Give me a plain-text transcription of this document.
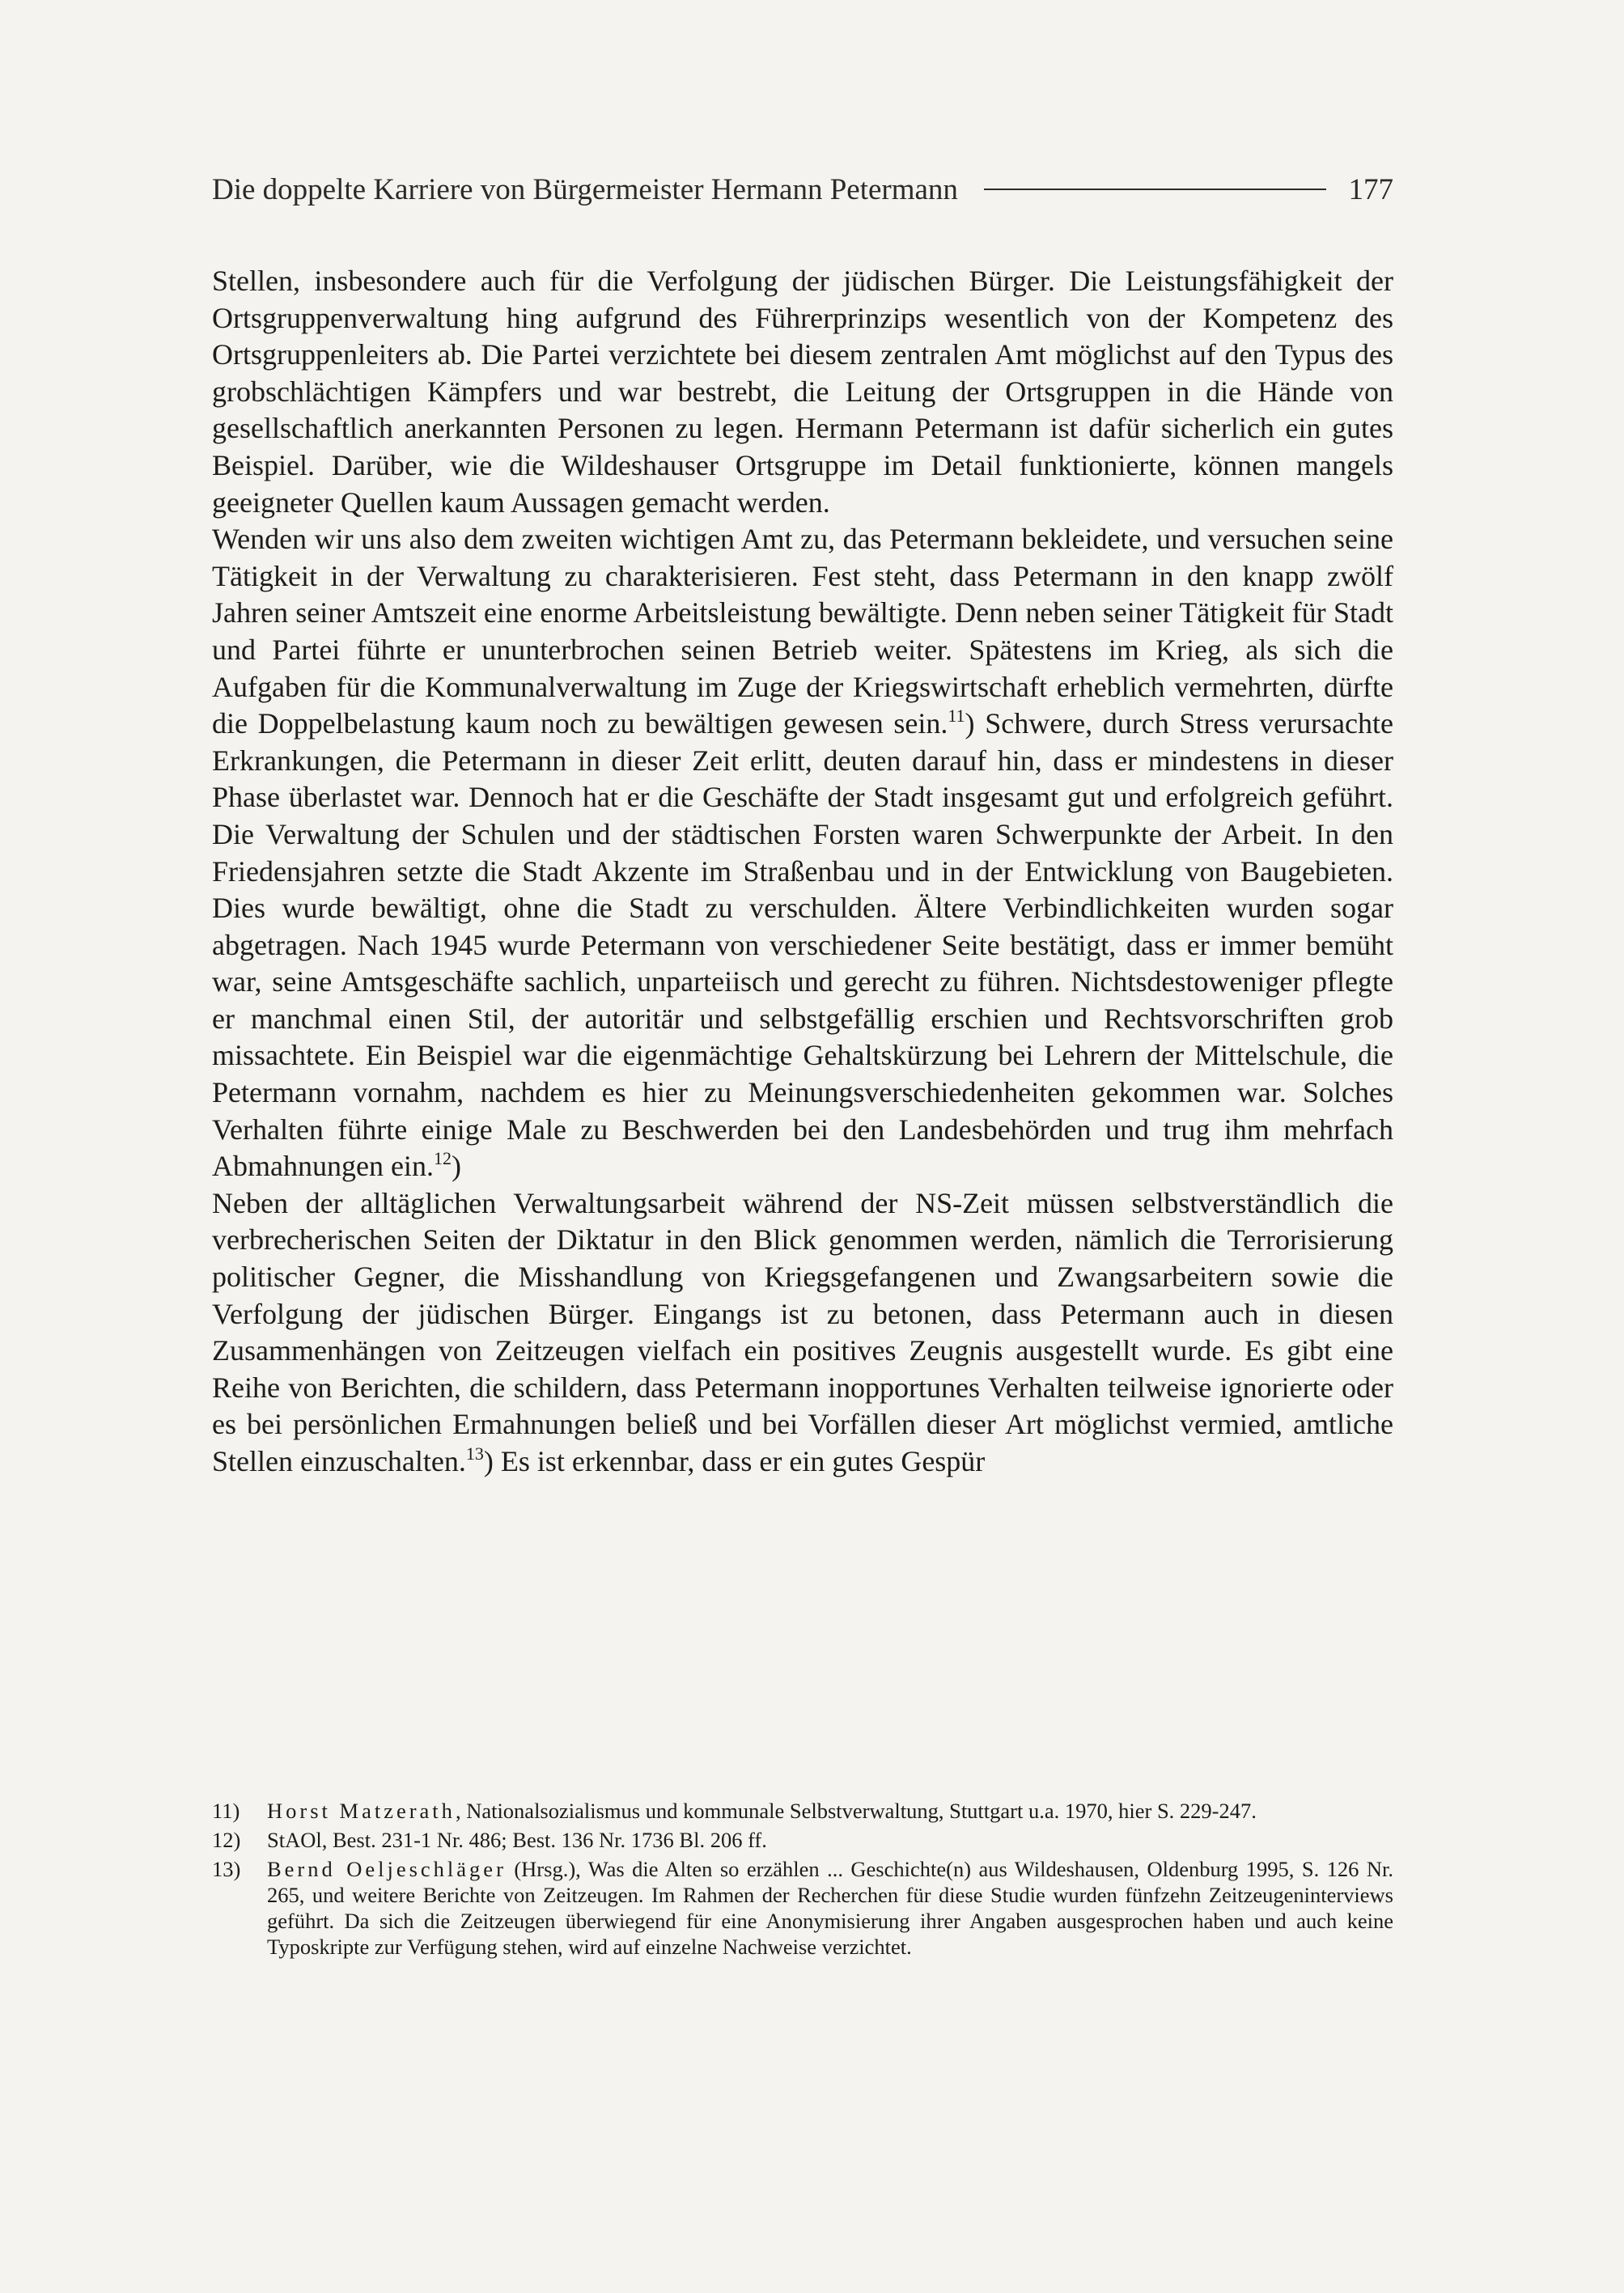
Die doppelte Karriere von Bürgermeister Hermann Petermann	177

Stellen, insbesondere auch für die Verfolgung der jüdischen Bürger. Die Leistungsfähigkeit der Ortsgruppenverwaltung hing aufgrund des Führerprinzips wesentlich von der Kompetenz des Ortsgruppenleiters ab. Die Partei verzichtete bei diesem zentralen Amt möglichst auf den Typus des grobschlächtigen Kämpfers und war bestrebt, die Leitung der Ortsgruppen in die Hände von gesellschaftlich anerkannten Personen zu legen. Hermann Petermann ist dafür sicherlich ein gutes Beispiel. Darüber, wie die Wildeshauser Ortsgruppe im Detail funktionierte, können mangels geeigneter Quellen kaum Aussagen gemacht werden.

Wenden wir uns also dem zweiten wichtigen Amt zu, das Petermann bekleidete, und versuchen seine Tätigkeit in der Verwaltung zu charakterisieren. Fest steht, dass Petermann in den knapp zwölf Jahren seiner Amtszeit eine enorme Arbeitsleistung bewältigte. Denn neben seiner Tätigkeit für Stadt und Partei führte er ununterbrochen seinen Betrieb weiter. Spätestens im Krieg, als sich die Aufgaben für die Kommunalverwaltung im Zuge der Kriegswirtschaft erheblich vermehrten, dürfte die Doppelbelastung kaum noch zu bewältigen gewesen sein.$^{11}$) Schwere, durch Stress verursachte Erkrankungen, die Petermann in dieser Zeit erlitt, deuten darauf hin, dass er mindestens in dieser Phase überlastet war. Dennoch hat er die Geschäfte der Stadt insgesamt gut und erfolgreich geführt. Die Verwaltung der Schulen und der städtischen Forsten waren Schwerpunkte der Arbeit. In den Friedensjahren setzte die Stadt Akzente im Straßenbau und in der Entwicklung von Baugebieten. Dies wurde bewältigt, ohne die Stadt zu verschulden. Ältere Verbindlichkeiten wurden sogar abgetragen. Nach 1945 wurde Petermann von verschiedener Seite bestätigt, dass er immer bemüht war, seine Amtsgeschäfte sachlich, unparteiisch und gerecht zu führen. Nichtsdestoweniger pflegte er manchmal einen Stil, der autoritär und selbstgefällig erschien und Rechtsvorschriften grob missachtete. Ein Beispiel war die eigenmächtige Gehaltskürzung bei Lehrern der Mittelschule, die Petermann vornahm, nachdem es hier zu Meinungsverschiedenheiten gekommen war. Solches Verhalten führte einige Male zu Beschwerden bei den Landesbehörden und trug ihm mehrfach Abmahnungen ein.$^{12}$)

Neben der alltäglichen Verwaltungsarbeit während der NS-Zeit müssen selbstverständlich die verbrecherischen Seiten der Diktatur in den Blick genommen werden, nämlich die Terrorisierung politischer Gegner, die Misshandlung von Kriegsgefangenen und Zwangsarbeitern sowie die Verfolgung der jüdischen Bürger. Eingangs ist zu betonen, dass Petermann auch in diesen Zusammenhängen von Zeitzeugen vielfach ein positives Zeugnis ausgestellt wurde. Es gibt eine Reihe von Berichten, die schildern, dass Petermann inopportunes Verhalten teilweise ignorierte oder es bei persönlichen Ermahnungen beließ und bei Vorfällen dieser Art möglichst vermied, amtliche Stellen einzuschalten.$^{13}$) Es ist erkennbar, dass er ein gutes Gespür

11)	Horst Matzerath, Nationalsozialismus und kommunale Selbstverwaltung, Stuttgart u.a. 1970, hier S. 229-247.
12)	StAOl, Best. 231-1 Nr. 486; Best. 136 Nr. 1736 Bl. 206 ff.
13)	Bernd Oeljeschläger (Hrsg.), Was die Alten so erzählen ... Geschichte(n) aus Wildeshausen, Oldenburg 1995, S. 126 Nr. 265, und weitere Berichte von Zeitzeugen. Im Rahmen der Recherchen für diese Studie wurden fünfzehn Zeitzeugeninterviews geführt. Da sich die Zeitzeugen überwiegend für eine Anonymisierung ihrer Angaben ausgesprochen haben und auch keine Typoskripte zur Verfügung stehen, wird auf einzelne Nachweise verzichtet.
